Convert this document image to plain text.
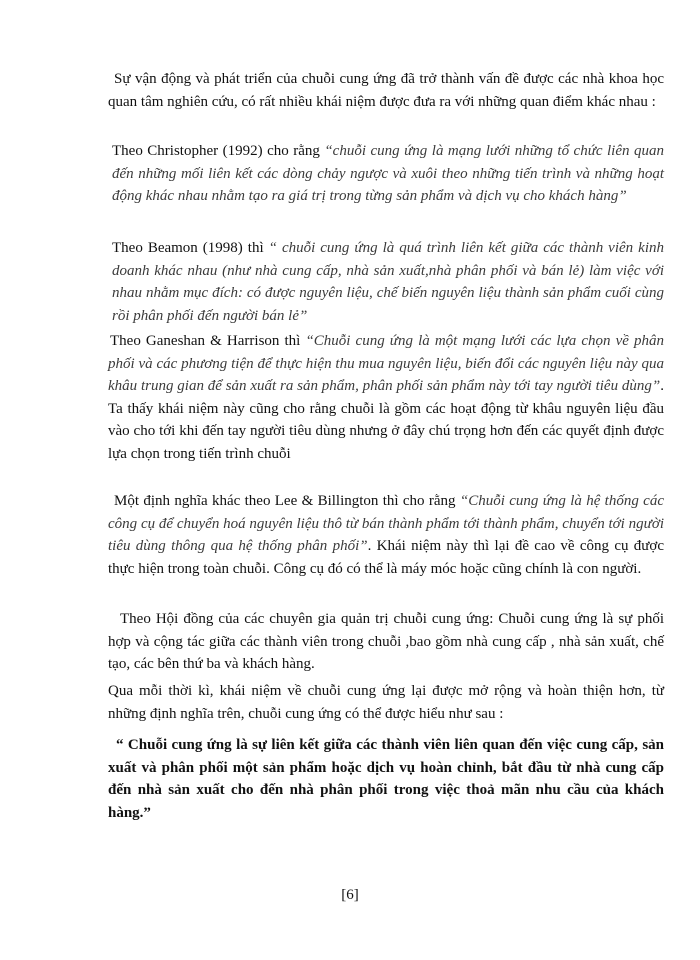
Sự vận động và phát triển của chuỗi cung ứng đã trở thành vấn đề được các nhà khoa học quan tâm nghiên cứu, có rất nhiều khái niệm được đưa ra với những quan điểm khác nhau :

Theo Christopher (1992) cho rằng “chuỗi cung ứng là mạng lưới những tổ chức liên quan đến những mối liên kết các dòng chảy ngược và xuôi theo những tiến trình và những hoạt động khác nhau nhằm tạo ra giá trị trong từng sản phẩm và dịch vụ cho khách hàng”

Theo Beamon (1998) thì “ chuỗi cung ứng là quá trình liên kết giữa các thành viên kinh doanh khác nhau (như nhà cung cấp, nhà sản xuất,nhà phân phối và bán lẻ) làm việc với nhau nhằm mục đích: có được nguyên liệu, chế biến nguyên liệu thành sản phẩm cuối cùng rồi phân phối đến người bán lẻ”

Theo Ganeshan & Harrison thì “Chuỗi cung ứng là một mạng lưới các lựa chọn về phân phối và các phương tiện để thực hiện thu mua nguyên liệu, biến đổi các nguyên liệu này qua khâu trung gian để sản xuất ra sản phẩm, phân phối sản phẩm này tới tay người tiêu dùng”. Ta thấy khái niệm này cũng cho rằng chuỗi là gồm các hoạt động từ khâu nguyên liệu đầu vào cho tới khi đến tay người tiêu dùng nhưng ở đây chú trọng hơn đến các quyết định được lựa chọn trong tiến trình chuỗi

Một định nghĩa khác theo Lee & Billington thì cho rằng “Chuỗi cung ứng là hệ thống các công cụ để chuyển hoá nguyên liệu thô từ bán thành phẩm tới thành phẩm, chuyển tới người tiêu dùng thông qua hệ thống phân phối”. Khái niệm này thì lại đề cao về công cụ được thực hiện trong toàn chuỗi. Công cụ đó có thể là máy móc hoặc cũng chính là con người.

Theo Hội đồng của các chuyên gia quản trị chuỗi cung ứng: Chuỗi cung ứng là sự phối hợp và cộng tác giữa các thành viên trong chuỗi ,bao gồm nhà cung cấp , nhà sản xuất, chế tạo, các bên thứ ba và khách hàng.

Qua mỗi thời kì, khái niệm về chuỗi cung ứng lại được mở rộng và hoàn thiện hơn, từ những định nghĩa trên, chuỗi cung ứng có thể được hiểu như sau :

“ Chuỗi cung ứng là sự liên kết giữa các thành viên liên quan đến việc cung cấp, sản xuất và phân phối một sản phẩm hoặc dịch vụ hoàn chỉnh, bắt đầu từ nhà cung cấp đến nhà sản xuất cho đến nhà phân phối trong việc thoả mãn nhu cầu của khách hàng.”

[6]
